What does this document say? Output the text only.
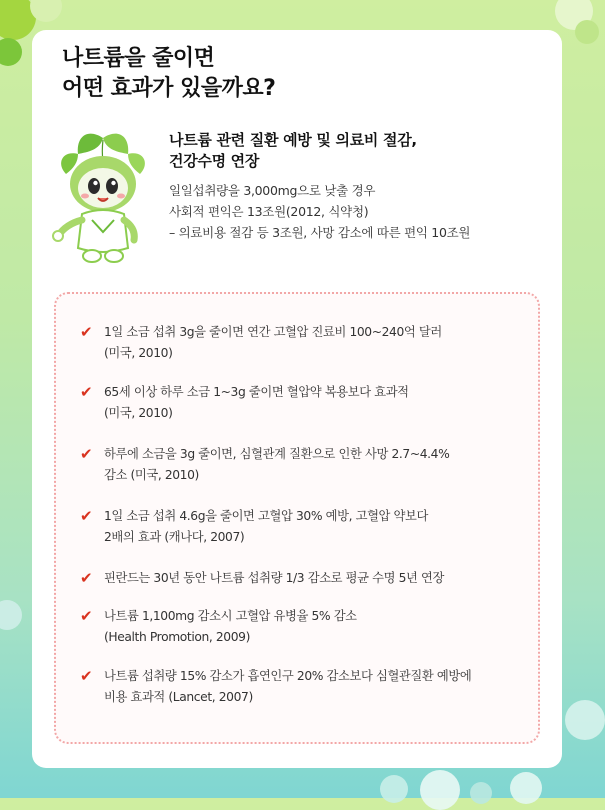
나트륨을 줄이면
어떤 효과가 있을까요?
나트륨 관련 질환 예방 및 의료비 절감,
건강수명 연장
일일섭취량을 3,000mg으로 낮출 경우
사회적 편익은 13조원(2012, 식약청)
– 의료비용 절감 등 3조원, 사망 감소에 따른 편익 10조원
✔ 1일 소금 섭취 3g을 줄이면 연간 고혈압 진료비 100~240억 달러
(미국, 2010)
✔ 65세 이상 하루 소금 1~3g 줄이면 혈압약 복용보다 효과적
(미국, 2010)
✔ 하루에 소금을 3g 줄이면, 심혈관계 질환으로 인한 사망 2.7~4.4%
감소 (미국, 2010)
✔ 1일 소금 섭취 4.6g을 줄이면 고혈압 30% 예방, 고혈압 약보다
2배의 효과 (캐나다, 2007)
✔ 핀란드는 30년 동안 나트륨 섭취량 1/3 감소로 평균 수명 5년 연장
✔ 나트륨 1,100mg 감소시 고혈압 유병율 5% 감소
(Health Promotion, 2009)
✔ 나트륨 섭취량 15% 감소가 흡연인구 20% 감소보다 심혈관질환 예방에
비용 효과적 (Lancet, 2007)
